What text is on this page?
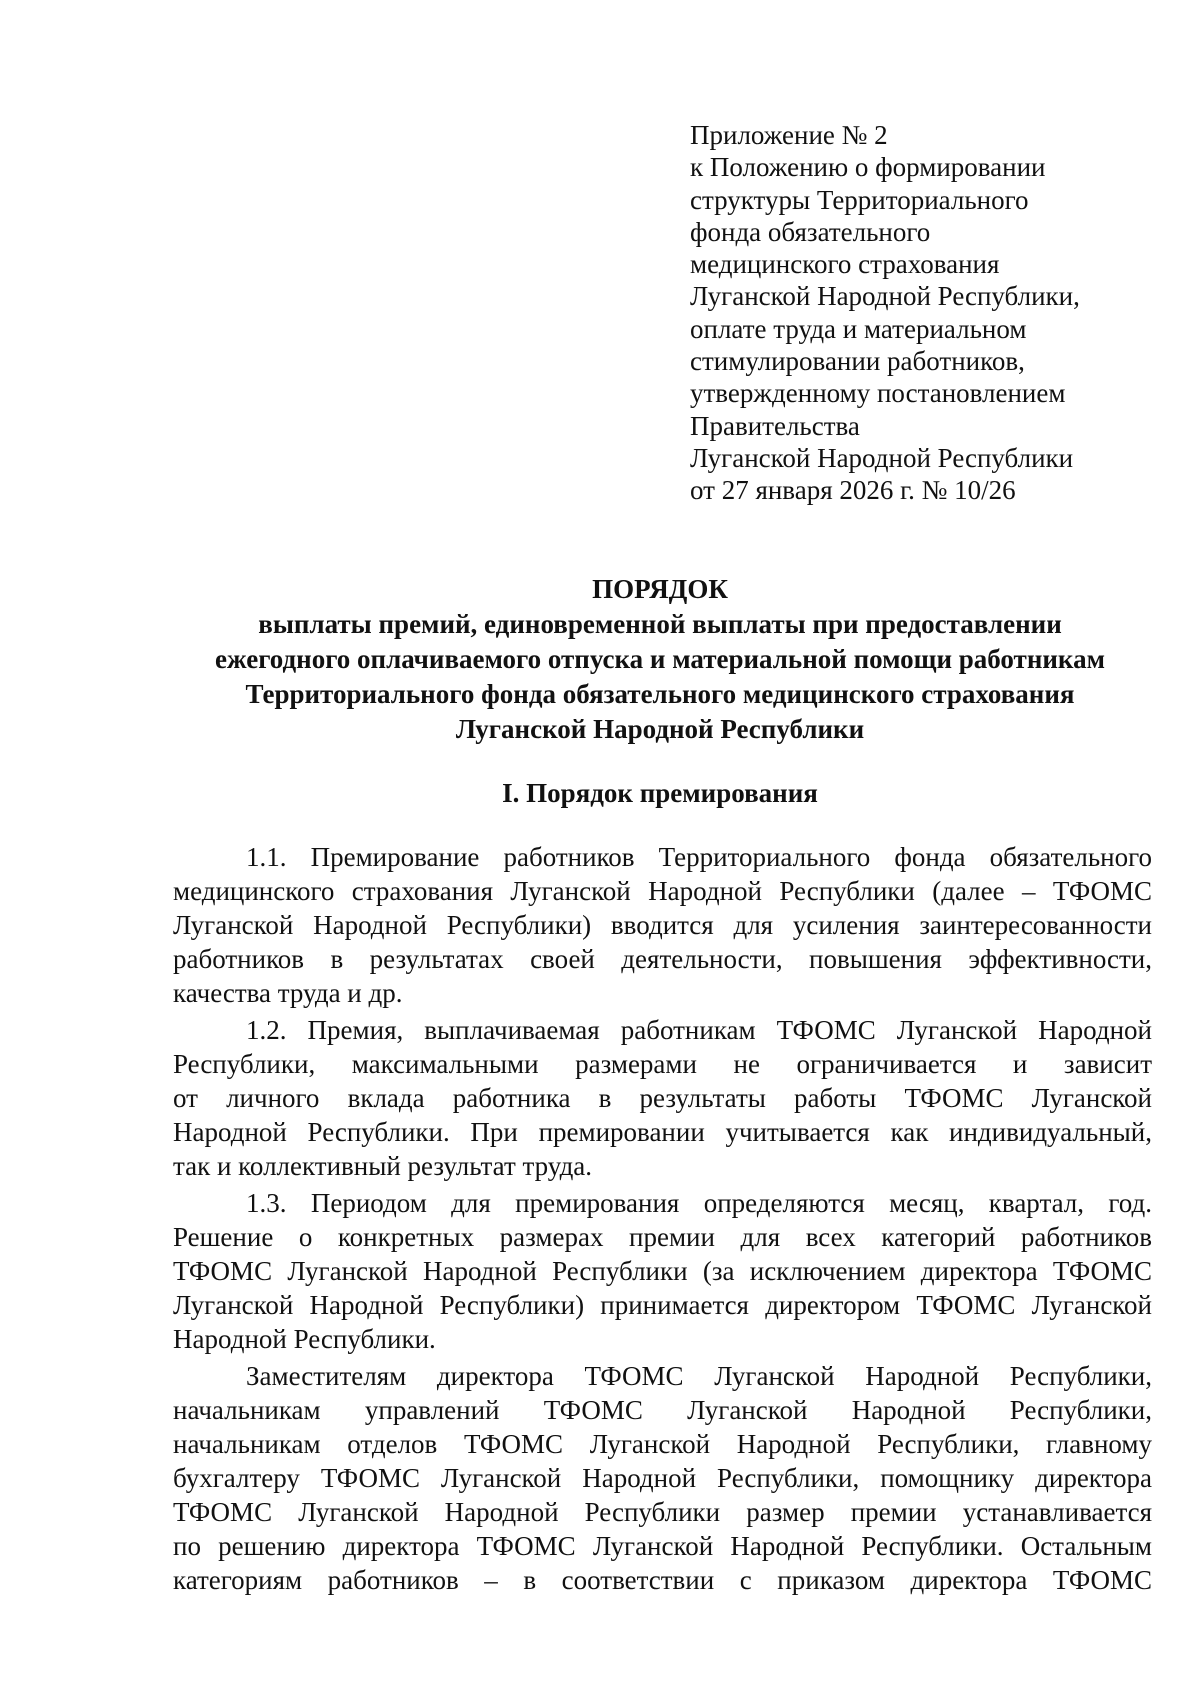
Приложение № 2
к Положению о формировании
структуры Территориального
фонда обязательного
медицинского страхования
Луганской Народной Республики,
оплате труда и материальном
стимулировании работников,
утвержденному постановлением
Правительства
Луганской Народной Республики
от 27 января 2026 г. № 10/26
ПОРЯДОК
выплаты премий, единовременной выплаты при предоставлении
ежегодного оплачиваемого отпуска и материальной помощи работникам
Территориального фонда обязательного медицинского страхования
Луганской Народной Республики
I. Порядок премирования
1.1. Премирование работников Территориального фонда обязательного
медицинского страхования Луганской Народной Республики (далее – ТФОМС
Луганской Народной Республики) вводится для усиления заинтересованности
работников в результатах своей деятельности, повышения эффективности,
качества труда и др.
1.2. Премия, выплачиваемая работникам ТФОМС Луганской Народной
Республики, максимальными размерами не ограничивается и зависит
от личного вклада работника в результаты работы ТФОМС Луганской
Народной Республики. При премировании учитывается как индивидуальный,
так и коллективный результат труда.
1.3. Периодом для премирования определяются месяц, квартал, год.
Решение о конкретных размерах премии для всех категорий работников
ТФОМС Луганской Народной Республики (за исключением директора ТФОМС
Луганской Народной Республики) принимается директором ТФОМС Луганской
Народной Республики.
Заместителям директора ТФОМС Луганской Народной Республики,
начальникам управлений ТФОМС Луганской Народной Республики,
начальникам отделов ТФОМС Луганской Народной Республики, главному
бухгалтеру ТФОМС Луганской Народной Республики, помощнику директора
ТФОМС Луганской Народной Республики размер премии устанавливается
по решению директора ТФОМС Луганской Народной Республики. Остальным
категориям работников – в соответствии с приказом директора ТФОМС
